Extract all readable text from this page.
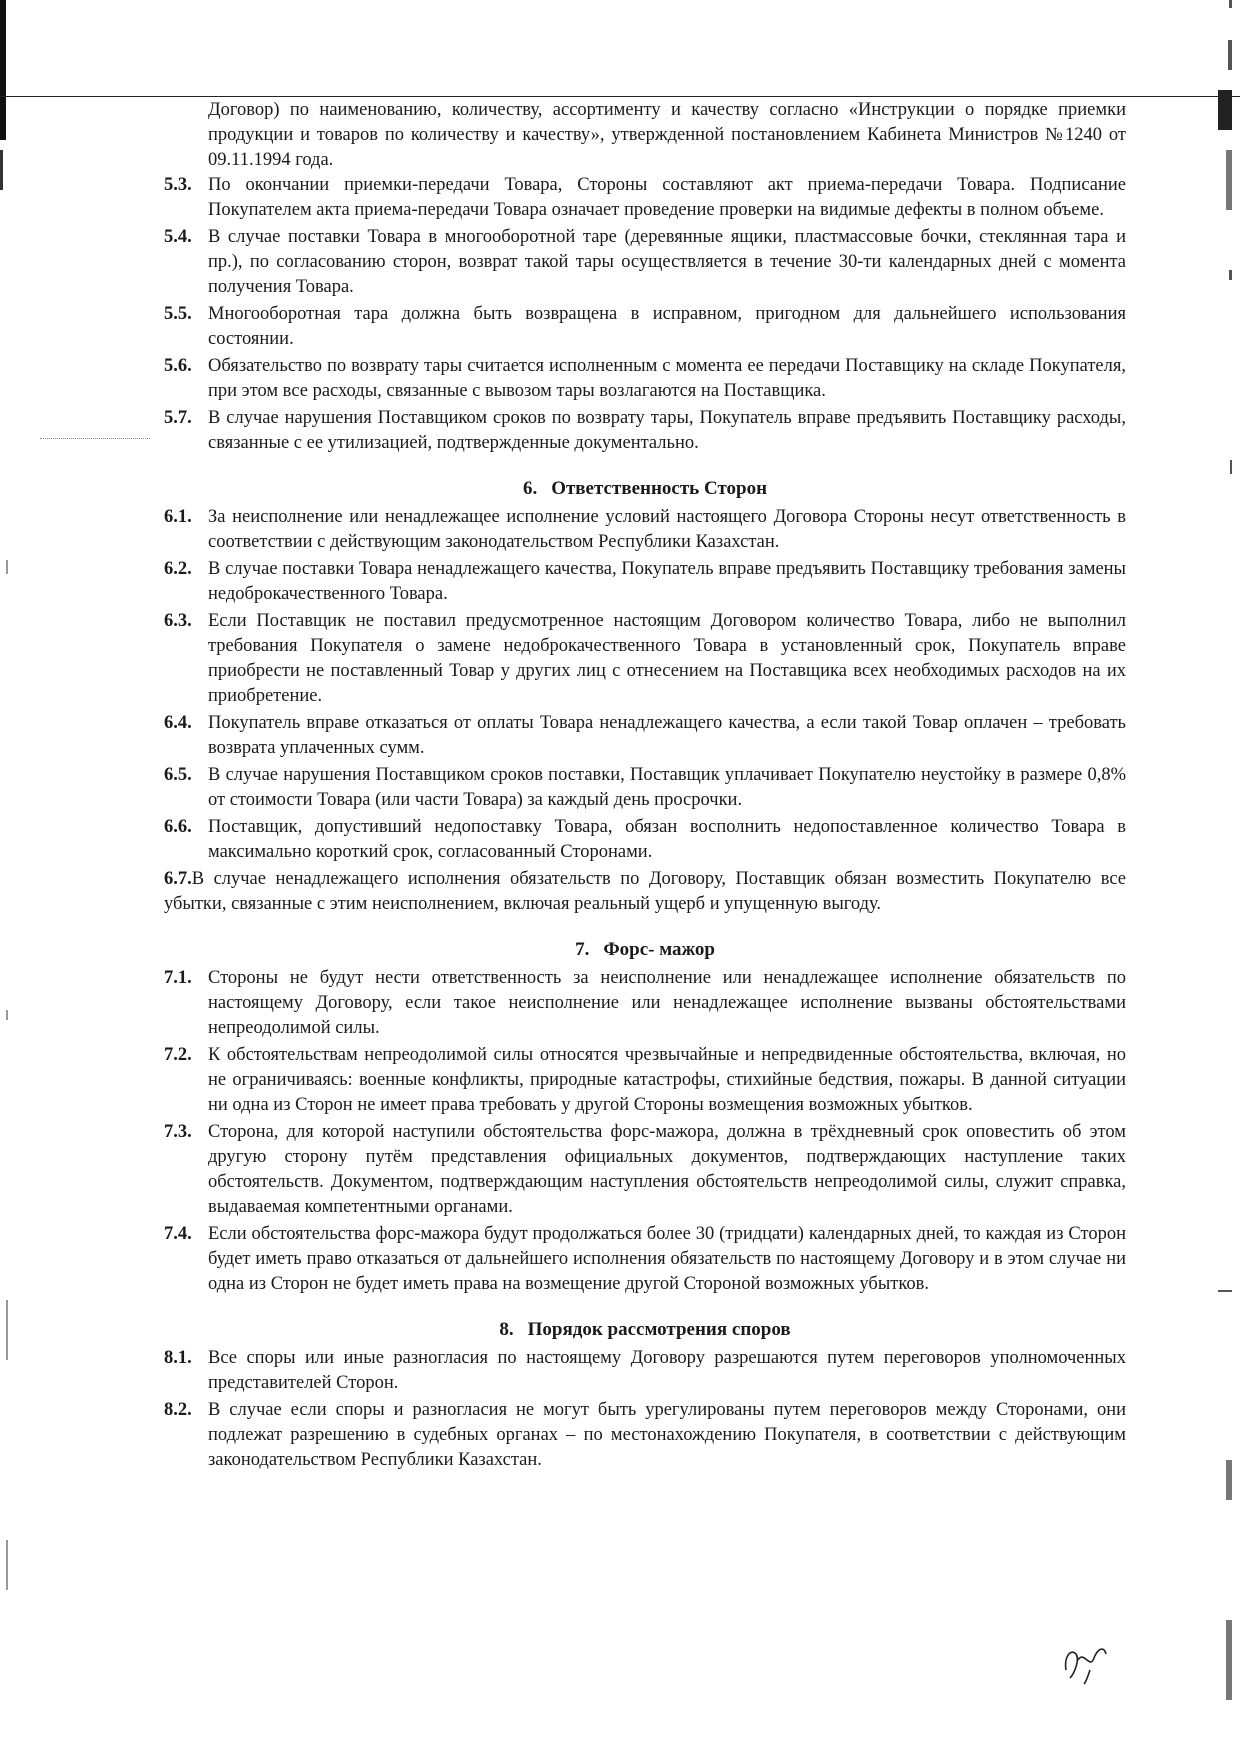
Договор) по наименованию, количеству, ассортименту и качеству согласно «Инструкции о порядке приемки продукции и товаров по количеству и качеству», утвержденной постановлением Кабинета Министров №1240 от 09.11.1994 года.
5.3. По окончании приемки-передачи Товара, Стороны составляют акт приема-передачи Товара. Подписание Покупателем акта приема-передачи Товара означает проведение проверки на видимые дефекты в полном объеме.
5.4. В случае поставки Товара в многооборотной таре (деревянные ящики, пластмассовые бочки, стеклянная тара и пр.), по согласованию сторон, возврат такой тары осуществляется в течение 30-ти календарных дней с момента получения Товара.
5.5. Многооборотная тара должна быть возвращена в исправном, пригодном для дальнейшего использования состоянии.
5.6. Обязательство по возврату тары считается исполненным с момента ее передачи Поставщику на складе Покупателя, при этом все расходы, связанные с вывозом тары возлагаются на Поставщика.
5.7. В случае нарушения Поставщиком сроков по возврату тары, Покупатель вправе предъявить Поставщику расходы, связанные с ее утилизацией, подтвержденные документально.
6. Ответственность Сторон
6.1. За неисполнение или ненадлежащее исполнение условий настоящего Договора Стороны несут ответственность в соответствии с действующим законодательством Республики Казахстан.
6.2. В случае поставки Товара ненадлежащего качества, Покупатель вправе предъявить Поставщику требования замены недоброкачественного Товара.
6.3. Если Поставщик не поставил предусмотренное настоящим Договором количество Товара, либо не выполнил требования Покупателя о замене недоброкачественного Товара в установленный срок, Покупатель вправе приобрести не поставленный Товар у других лиц с отнесением на Поставщика всех необходимых расходов на их приобретение.
6.4. Покупатель вправе отказаться от оплаты Товара ненадлежащего качества, а если такой Товар оплачен – требовать возврата уплаченных сумм.
6.5. В случае нарушения Поставщиком сроков поставки, Поставщик уплачивает Покупателю неустойку в размере 0,8% от стоимости Товара (или части Товара) за каждый день просрочки.
6.6. Поставщик, допустивший недопоставку Товара, обязан восполнить недопоставленное количество Товара в максимально короткий срок, согласованный Сторонами.
6.7.В случае ненадлежащего исполнения обязательств по Договору, Поставщик обязан возместить Покупателю все убытки, связанные с этим неисполнением, включая реальный ущерб и упущенную выгоду.
7. Форс- мажор
7.1. Стороны не будут нести ответственность за неисполнение или ненадлежащее исполнение обязательств по настоящему Договору, если такое неисполнение или ненадлежащее исполнение вызваны обстоятельствами непреодолимой силы.
7.2. К обстоятельствам непреодолимой силы относятся чрезвычайные и непредвиденные обстоятельства, включая, но не ограничиваясь: военные конфликты, природные катастрофы, стихийные бедствия, пожары. В данной ситуации ни одна из Сторон не имеет права требовать у другой Стороны возмещения возможных убытков.
7.3. Сторона, для которой наступили обстоятельства форс-мажора, должна в трёхдневный срок оповестить об этом другую сторону путём представления официальных документов, подтверждающих наступление таких обстоятельств. Документом, подтверждающим наступления обстоятельств непреодолимой силы, служит справка, выдаваемая компетентными органами.
7.4. Если обстоятельства форс-мажора будут продолжаться более 30 (тридцати) календарных дней, то каждая из Сторон будет иметь право отказаться от дальнейшего исполнения обязательств по настоящему Договору и в этом случае ни одна из Сторон не будет иметь права на возмещение другой Стороной возможных убытков.
8. Порядок рассмотрения споров
8.1. Все споры или иные разногласия по настоящему Договору разрешаются путем переговоров уполномоченных представителей Сторон.
8.2. В случае если споры и разногласия не могут быть урегулированы путем переговоров между Сторонами, они подлежат разрешению в судебных органах – по местонахождению Покупателя, в соответствии с действующим законодательством Республики Казахстан.
